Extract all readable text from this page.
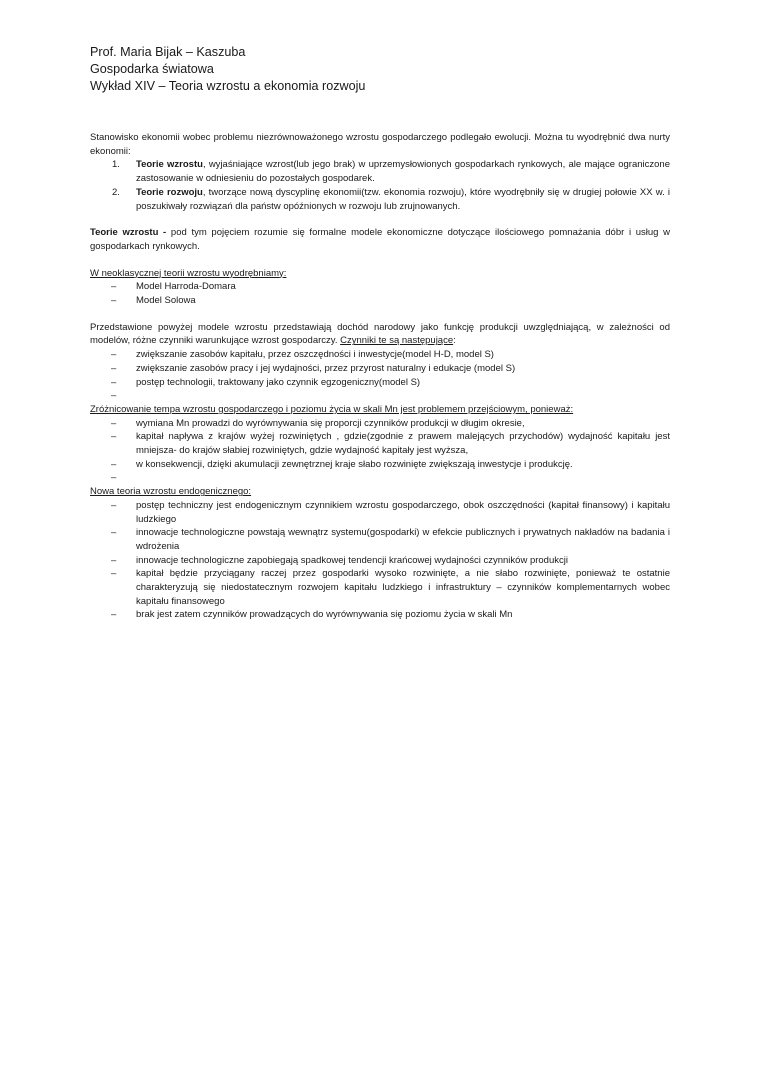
Prof. Maria Bijak – Kaszuba
Gospodarka światowa
Wykład XIV – Teoria wzrostu a ekonomia rozwoju

Stanowisko ekonomii wobec problemu niezrównoważonego wzrostu gospodarczego podlegało ewolucji. Można tu wyodrębnić dwa nurty ekonomii:

1. Teorie wzrostu, wyjaśniające wzrost(lub jego brak) w uprzemysłowionych gospodarkach rynkowych, ale mające ograniczone zastosowanie w odniesieniu do pozostałych gospodarek.
2. Teorie rozwoju, tworzące nową dyscyplinę ekonomii(tzw. ekonomia rozwoju), które wyodrębniły się w drugiej połowie XX w. i poszukiwały rozwiązań dla państw opóźnionych w rozwoju lub zrujnowanych.

Teorie wzrostu - pod tym pojęciem rozumie się formalne modele ekonomiczne dotyczące ilościowego pomnażania dóbr i usług w gospodarkach rynkowych.

W neoklasycznej teorii wzrostu wyodrębniamy:

– Model Harroda-Domara
– Model Solowa

Przedstawione powyżej modele wzrostu przedstawiają dochód narodowy jako funkcję produkcji uwzględniającą, w zależności od modelów, różne czynniki warunkujące wzrost gospodarczy. Czynniki te są następujące:

– zwiększanie zasobów kapitału, przez oszczędności i inwestycje(model H-D, model S)
– zwiększanie zasobów pracy i jej wydajności, przez przyrost naturalny i edukacje (model S)
– postęp technologii, traktowany jako czynnik egzogeniczny(model S)
–

Zróżnicowanie tempa wzrostu gospodarczego i poziomu życia w skali Mn jest problemem przejściowym, ponieważ:

– wymiana Mn prowadzi do wyrównywania się proporcji czynników produkcji w długim okresie,
– kapitał napływa z krajów wyżej rozwiniętych , gdzie(zgodnie z prawem malejących przychodów) wydajność kapitału jest mniejsza- do krajów słabiej rozwiniętych, gdzie wydajność kapitały jest wyższa,
– w konsekwencji, dzięki akumulacji zewnętrznej kraje słabo rozwinięte zwiększają inwestycje i produkcję.
–

Nowa teoria wzrostu endogenicznego:

– postęp techniczny jest endogenicznym czynnikiem wzrostu gospodarczego, obok oszczędności (kapitał finansowy) i kapitału ludzkiego
– innowacje technologiczne powstają wewnątrz systemu(gospodarki) w efekcie publicznych i prywatnych nakładów na badania i wdrożenia
– innowacje technologiczne zapobiegają spadkowej tendencji krańcowej wydajności czynników produkcji
– kapitał będzie przyciągany raczej przez gospodarki wysoko rozwinięte, a nie słabo rozwinięte, ponieważ te ostatnie charakteryzują się niedostatecznym rozwojem kapitału ludzkiego i infrastruktury – czynników komplementarnych wobec kapitału finansowego
– brak jest zatem czynników prowadzących do wyrównywania się poziomu życia w skali Mn
